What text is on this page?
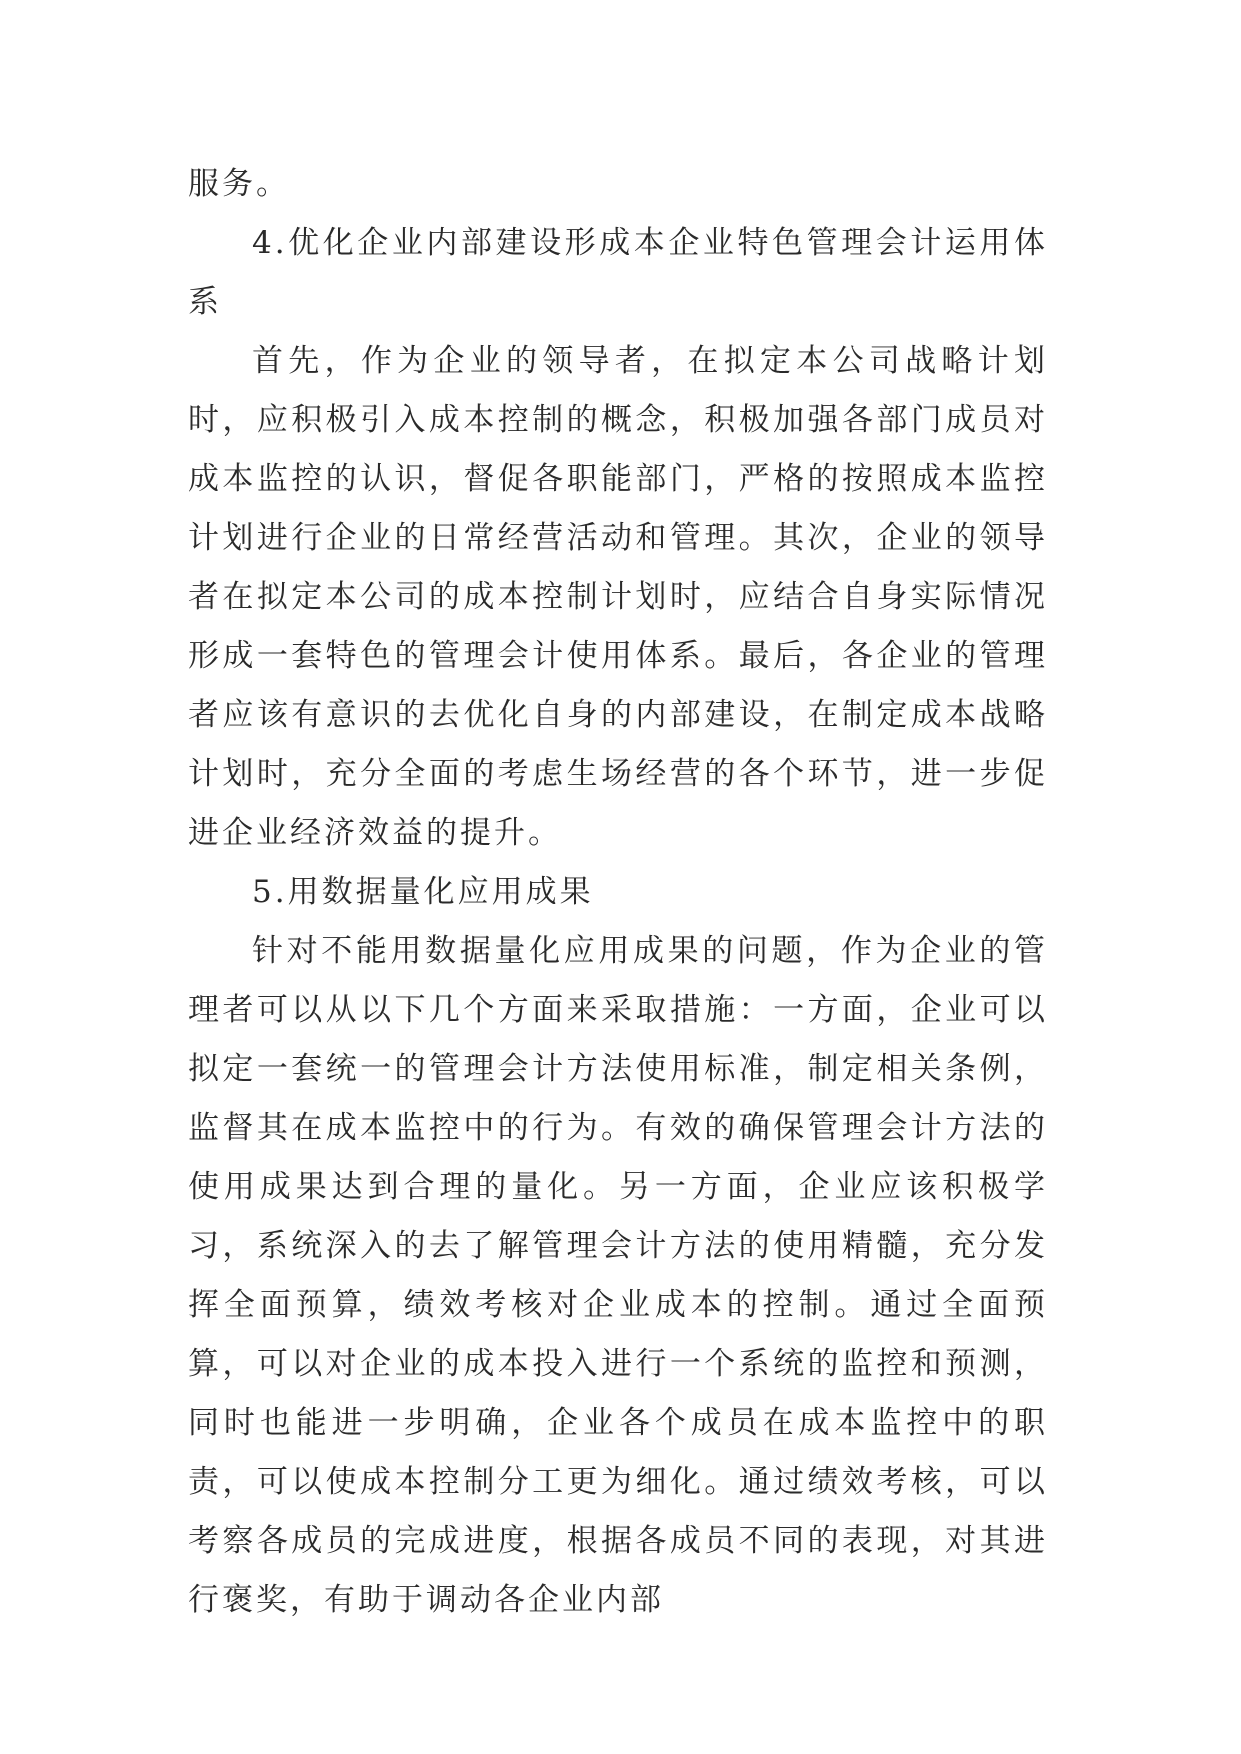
服务。

4.优化企业内部建设形成本企业特色管理会计运用体系

首先，作为企业的领导者，在拟定本公司战略计划时，应积极引入成本控制的概念，积极加强各部门成员对成本监控的认识，督促各职能部门，严格的按照成本监控计划进行企业的日常经营活动和管理。其次，企业的领导者在拟定本公司的成本控制计划时，应结合自身实际情况形成一套特色的管理会计使用体系。最后，各企业的管理者应该有意识的去优化自身的内部建设，在制定成本战略计划时，充分全面的考虑生场经营的各个环节，进一步促进企业经济效益的提升。

5.用数据量化应用成果

针对不能用数据量化应用成果的问题，作为企业的管理者可以从以下几个方面来采取措施：一方面，企业可以拟定一套统一的管理会计方法使用标准，制定相关条例，监督其在成本监控中的行为。有效的确保管理会计方法的使用成果达到合理的量化。另一方面，企业应该积极学习，系统深入的去了解管理会计方法的使用精髓，充分发挥全面预算，绩效考核对企业成本的控制。通过全面预算，可以对企业的成本投入进行一个系统的监控和预测，同时也能进一步明确，企业各个成员在成本监控中的职责，可以使成本控制分工更为细化。通过绩效考核，可以考察各成员的完成进度，根据各成员不同的表现，对其进行褒奖，有助于调动各企业内部
